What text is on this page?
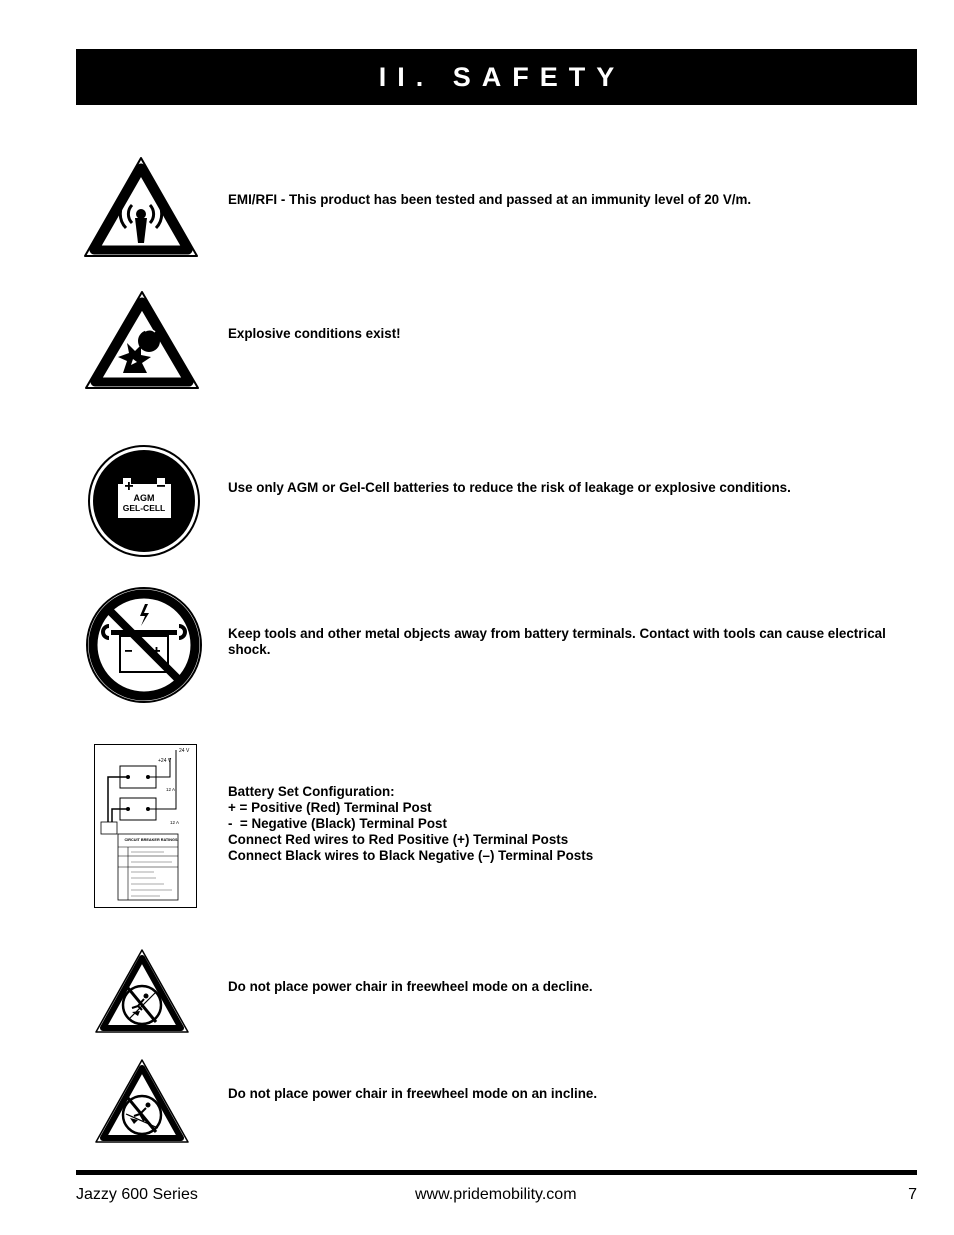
II. SAFETY
EMI/RFI - This product has been tested and passed at an immunity level of 20 V/m.
Explosive conditions exist!
AGM
GEL-CELL
Use only AGM or Gel-Cell batteries to reduce the risk of leakage or explosive conditions.
Keep tools and other metal objects away from battery terminals. Contact with tools can cause electrical shock.
24 V
+24 V
12 A
12 A
CIRCUIT BREAKER RATINGS
Battery Set Configuration:
+ = Positive (Red) Terminal Post
-  = Negative (Black) Terminal Post
Connect Red wires to Red Positive (+) Terminal Posts
Connect Black wires to Black Negative (–) Terminal Posts
Do not place power chair in freewheel mode on a decline.
Do not place power chair in freewheel mode on an incline.
Jazzy 600 Series	www.pridemobility.com	7
